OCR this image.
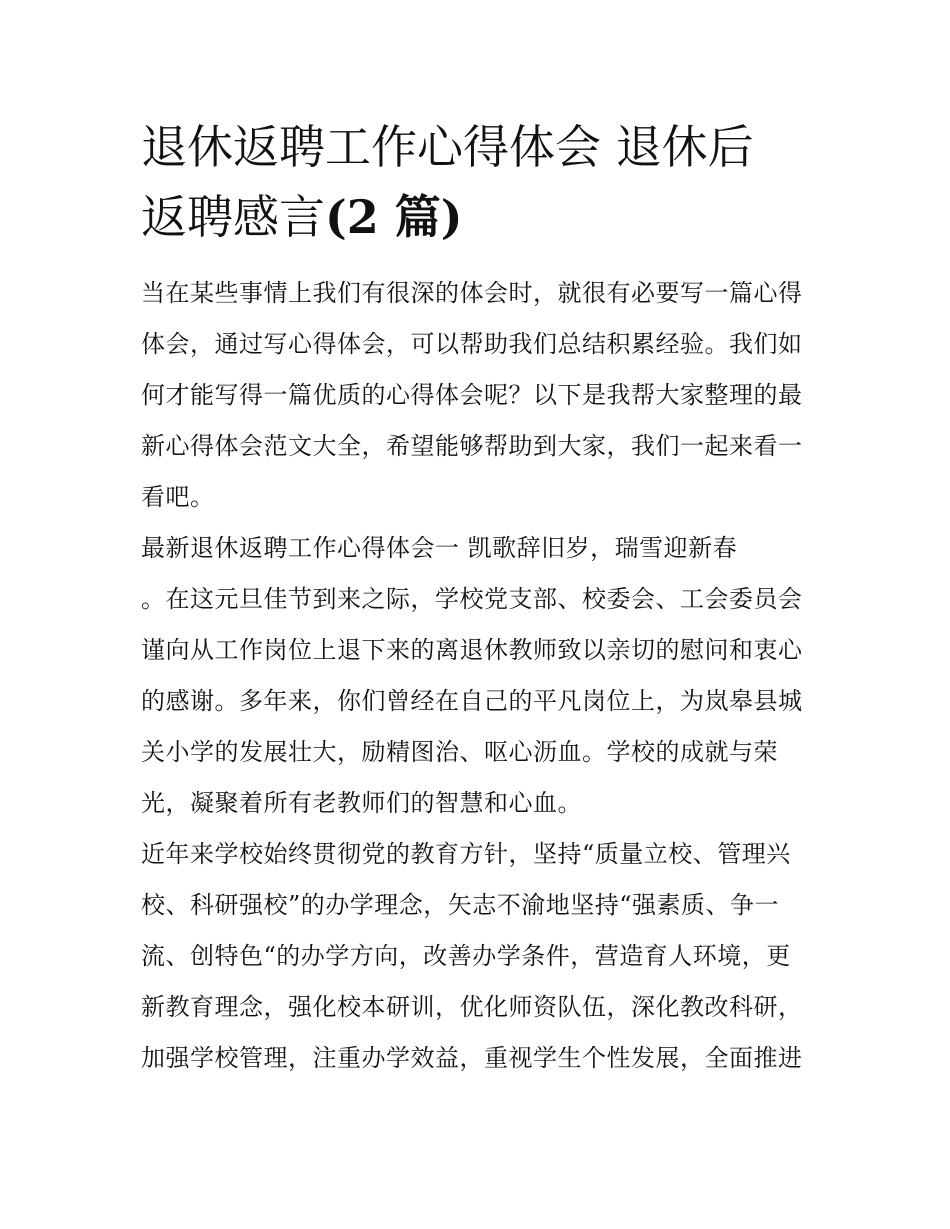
退休返聘工作心得体会 退休后
返聘感言(2 篇)

当在某些事情上我们有很深的体会时，就很有必要写一篇心得
体会，通过写心得体会，可以帮助我们总结积累经验。我们如
何才能写得一篇优质的心得体会呢？以下是我帮大家整理的最
新心得体会范文大全，希望能够帮助到大家，我们一起来看一
看吧。

最新退休返聘工作心得体会一 凯歌辞旧岁，瑞雪迎新春
。在这元旦佳节到来之际，学校党支部、校委会、工会委员会
谨向从工作岗位上退下来的离退休教师致以亲切的慰问和衷心
的感谢。多年来，你们曾经在自己的平凡岗位上，为岚皋县城
关小学的发展壮大，励精图治、呕心沥血。学校的成就与荣
光，凝聚着所有老教师们的智慧和心血。

近年来学校始终贯彻党的教育方针，坚持“质量立校、管理兴
校、科研强校”的办学理念，矢志不渝地坚持“强素质、争一
流、创特色“的办学方向，改善办学条件，营造育人环境，更
新教育理念，强化校本研训，优化师资队伍，深化教改科研，
加强学校管理，注重办学效益，重视学生个性发展，全面推进
